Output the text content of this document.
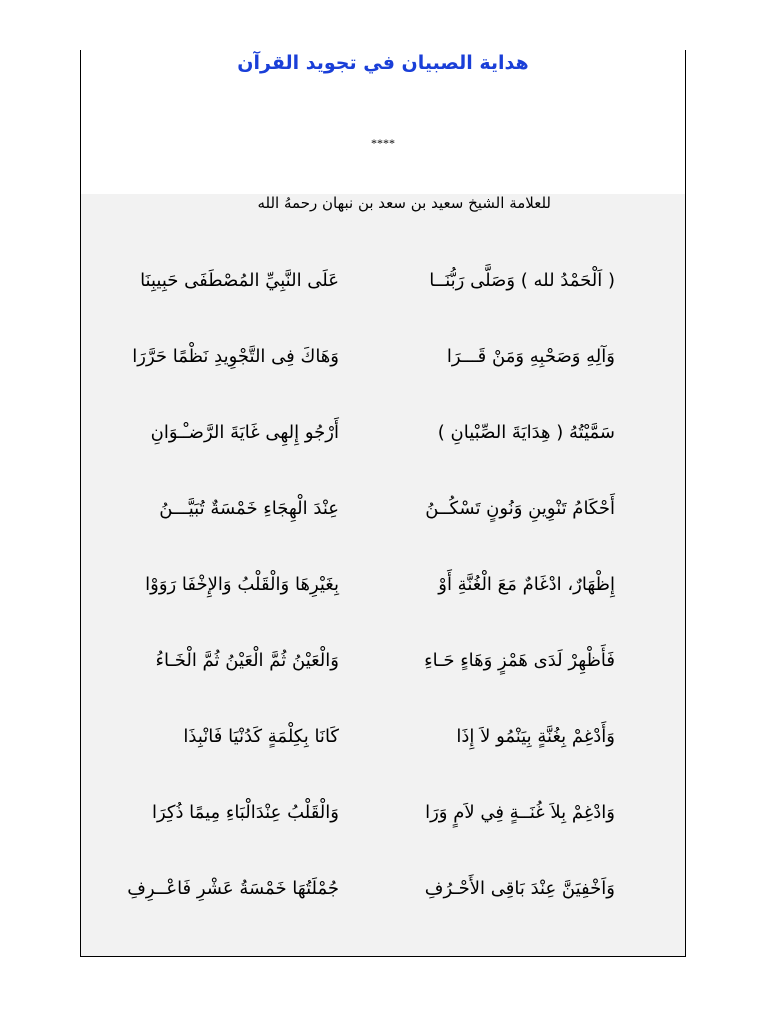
هداية الصبيان في تجويد القرآن
****
للعلامة الشيخ سعيد بن سعد بن نبهان رحمهُ الله
( اَلْحَمْدُ لله ) وَصَلَّى رَبُّنَــا
عَلَى النَّبِيِّ المُصْطَفَى حَبِيبِنَا
وَآلِهِ وَصَحْبِهِ وَمَنْ قَـــرَا
وَهَاكَ فِى التَّجْوِيدِ نَظْمًا حَرَّرَا
سَمَّيْتُهُ ( هِدَايَةَ الصِّبْيانِ )
أَرْجُو إِلهِى غَايَةَ الرَّضـْـوَانِ
أَحْكَامُ تَنْوِينِ وَنُونٍ تَسْكُــنُ
عِنْدَ الْهِجَاءِ خَمْسَةٌ تُبَيَّـــنُ
إِظْهَارٌ، ادْغَامٌ مَعَ الْغُنَّةِ أَوْ
بِغَيْرِهَا وَالْقَلْبُ وَالإِخْفَا رَوَوْا
فَأَظْهِرْ لَدَى هَمْزٍ وَهَاءٍ حَـاءِ
وَالْعَيْنُ ثُمَّ الْعَيْنُ ثُمَّ الْخَـاءُ
وَأَدْغِمْ بِغُنَّةٍ بِيَنْمُو لاَ إِذَا
كَانَا بِكِلْمَةٍ كَدُنْيَا فَانْبِذَا
وَادْغِمْ بِلاَ غُنَــةٍ فِي لاَمٍ وَرَا
وَالْقَلْبُ عِنْدَالْبَاءِ مِيمًا ذُكِرَا
وَاَخْفِيَنَّ عِنْدَ بَاقِى الأَحْـرُفِ
جُمْلَتُهَا خَمْسَةُ عَشْرِ فَاعْــرِفِ
